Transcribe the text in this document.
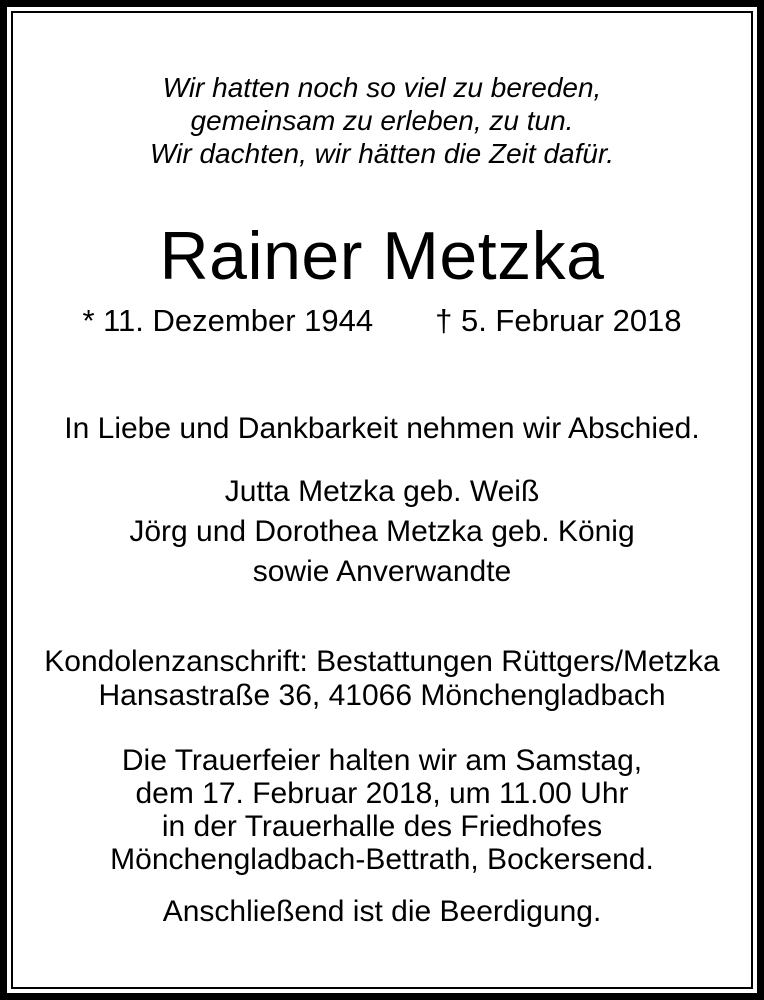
Wir hatten noch so viel zu bereden,
gemeinsam zu erleben, zu tun.
Wir dachten, wir hätten die Zeit dafür.
Rainer Metzka
* 11. Dezember 1944 † 5. Februar 2018
In Liebe und Dankbarkeit nehmen wir Abschied.
Jutta Metzka geb. Weiß
Jörg und Dorothea Metzka geb. König
sowie Anverwandte
Kondolenzanschrift: Bestattungen Rüttgers/Metzka
Hansastraße 36, 41066 Mönchengladbach
Die Trauerfeier halten wir am Samstag,
dem 17. Februar 2018, um 11.00 Uhr
in der Trauerhalle des Friedhofes
Mönchengladbach-Bettrath, Bockersend.
Anschließend ist die Beerdigung.
